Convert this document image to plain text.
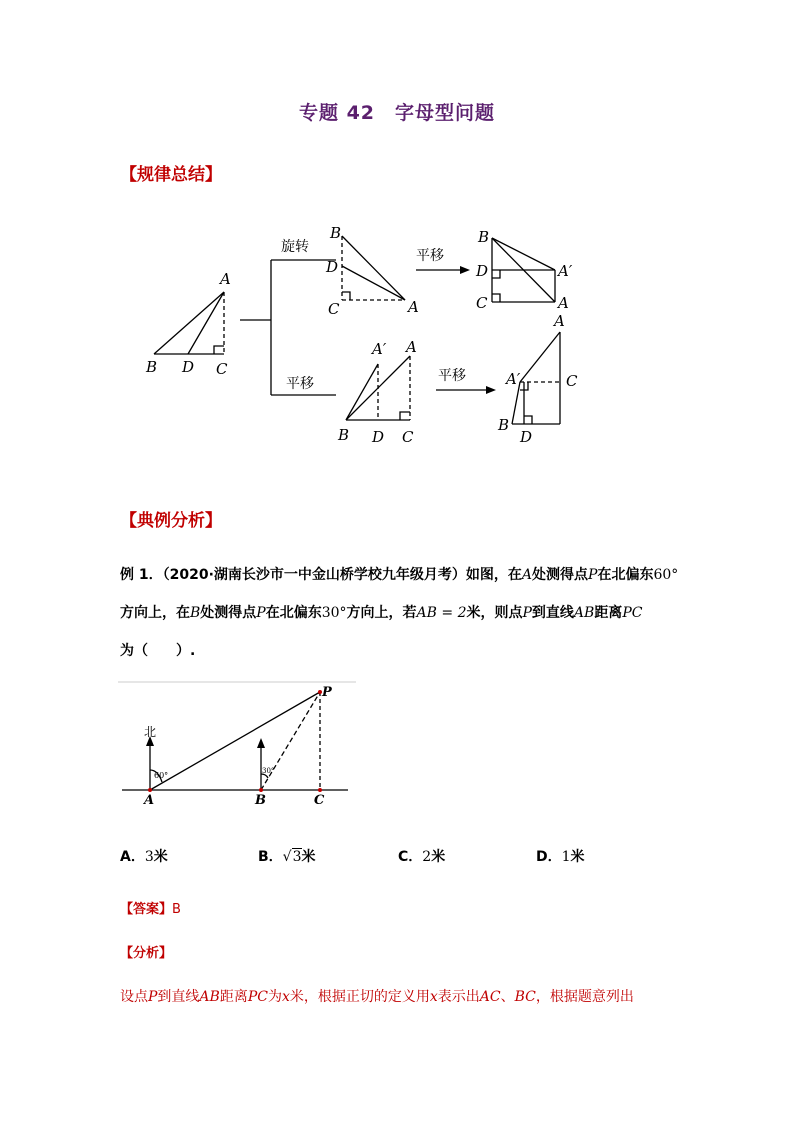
专题 42　字母型问题
【规律总结】
旋转
平移
平移	平移
A
B D C
B
D
C	A
B
D
C
A′
A
A′ A
B D C
A
A′	C
B
D
【典例分析】
例 1．（2020·湖南长沙市一中金山桥学校九年级月考）如图，在A处测得点P在北偏东60°
方向上，在B处测得点P在北偏东30°方向上，若AB = 2米，则点P到直线AB距离PC
为（　　）.
北
60°	30°
A	B	C
P
A．3米	B．√3米	C．2米	D．1米
【答案】B
【分析】
设点P到直线AB距离PC为x米，根据正切的定义用x表示出AC、BC，根据题意列出
